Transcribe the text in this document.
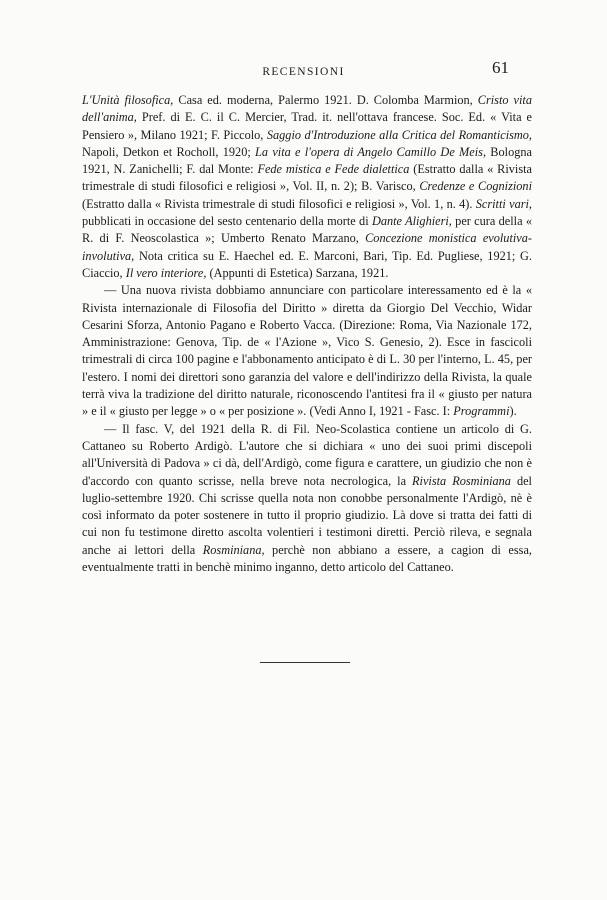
RECENSIONI	61

L'Unità filosofica, Casa ed. moderna, Palermo 1921. D. Colomba Marmion, Cristo vita dell'anima, Pref. di E. C. il C. Mercier, Trad. it. nell'ottava francese. Soc. Ed. « Vita e Pensiero », Milano 1921; F. Piccolo, Saggio d'Introduzione alla Critica del Romanticismo, Napoli, Detkon et Rocholl, 1920; La vita e l'opera di Angelo Camillo De Meis, Bologna 1921, N. Zanichelli; F. dal Monte: Fede mistica e Fede dialettica (Estratto dalla « Rivista trimestrale di studi filosofici e religiosi », Vol. II, n. 2); B. Varisco, Credenze e Cognizioni (Estratto dalla « Rivista trimestrale di studi filosofici e religiosi », Vol. 1, n. 4). Scritti vari, pubblicati in occasione del sesto centenario della morte di Dante Alighieri, per cura della « R. di F. Neoscolastica »; Umberto Renato Marzano, Concezione monistica evolutiva-involutiva, Nota critica su E. Haechel ed. E. Marconi, Bari, Tip. Ed. Pugliese, 1921; G. Ciaccio, Il vero interiore, (Appunti di Estetica) Sarzana, 1921.

— Una nuova rivista dobbiamo annunciare con particolare interessamento ed è la « Rivista internazionale di Filosofia del Diritto » diretta da Giorgio Del Vecchio, Widar Cesarini Sforza, Antonio Pagano e Roberto Vacca. (Direzione: Roma, Via Nazionale 172, Amministrazione: Genova, Tip. de « l'Azione », Vico S. Genesio, 2). Esce in fascicoli trimestrali di circa 100 pagine e l'abbonamento anticipato è di L. 30 per l'interno, L. 45, per l'estero. I nomi dei direttori sono garanzia del valore e dell'indirizzo della Rivista, la quale terrà viva la tradizione del diritto naturale, riconoscendo l'antitesi fra il « giusto per natura » e il « giusto per legge » o « per posizione ». (Vedi Anno I, 1921 - Fasc. I: Programmi).

— Il fasc. V, del 1921 della R. di Fil. Neo-Scolastica contiene un articolo di G. Cattaneo su Roberto Ardigò. L'autore che si dichiara « uno dei suoi primi discepoli all'Università di Padova » ci dà, dell'Ardigò, come figura e carattere, un giudizio che non è d'accordo con quanto scrisse, nella breve nota necrologica, la Rivista Rosminiana del luglio-settembre 1920. Chi scrisse quella nota non conobbe personalmente l'Ardigò, nè è così informato da poter sostenere in tutto il proprio giudizio. Là dove si tratta dei fatti di cui non fu testimone diretto ascolta volentieri i testimoni diretti. Perciò rileva, e segnala anche ai lettori della Rosminiana, perchè non abbiano a essere, a cagion di essa, eventualmente tratti in benchè minimo inganno, detto articolo del Cattaneo.
